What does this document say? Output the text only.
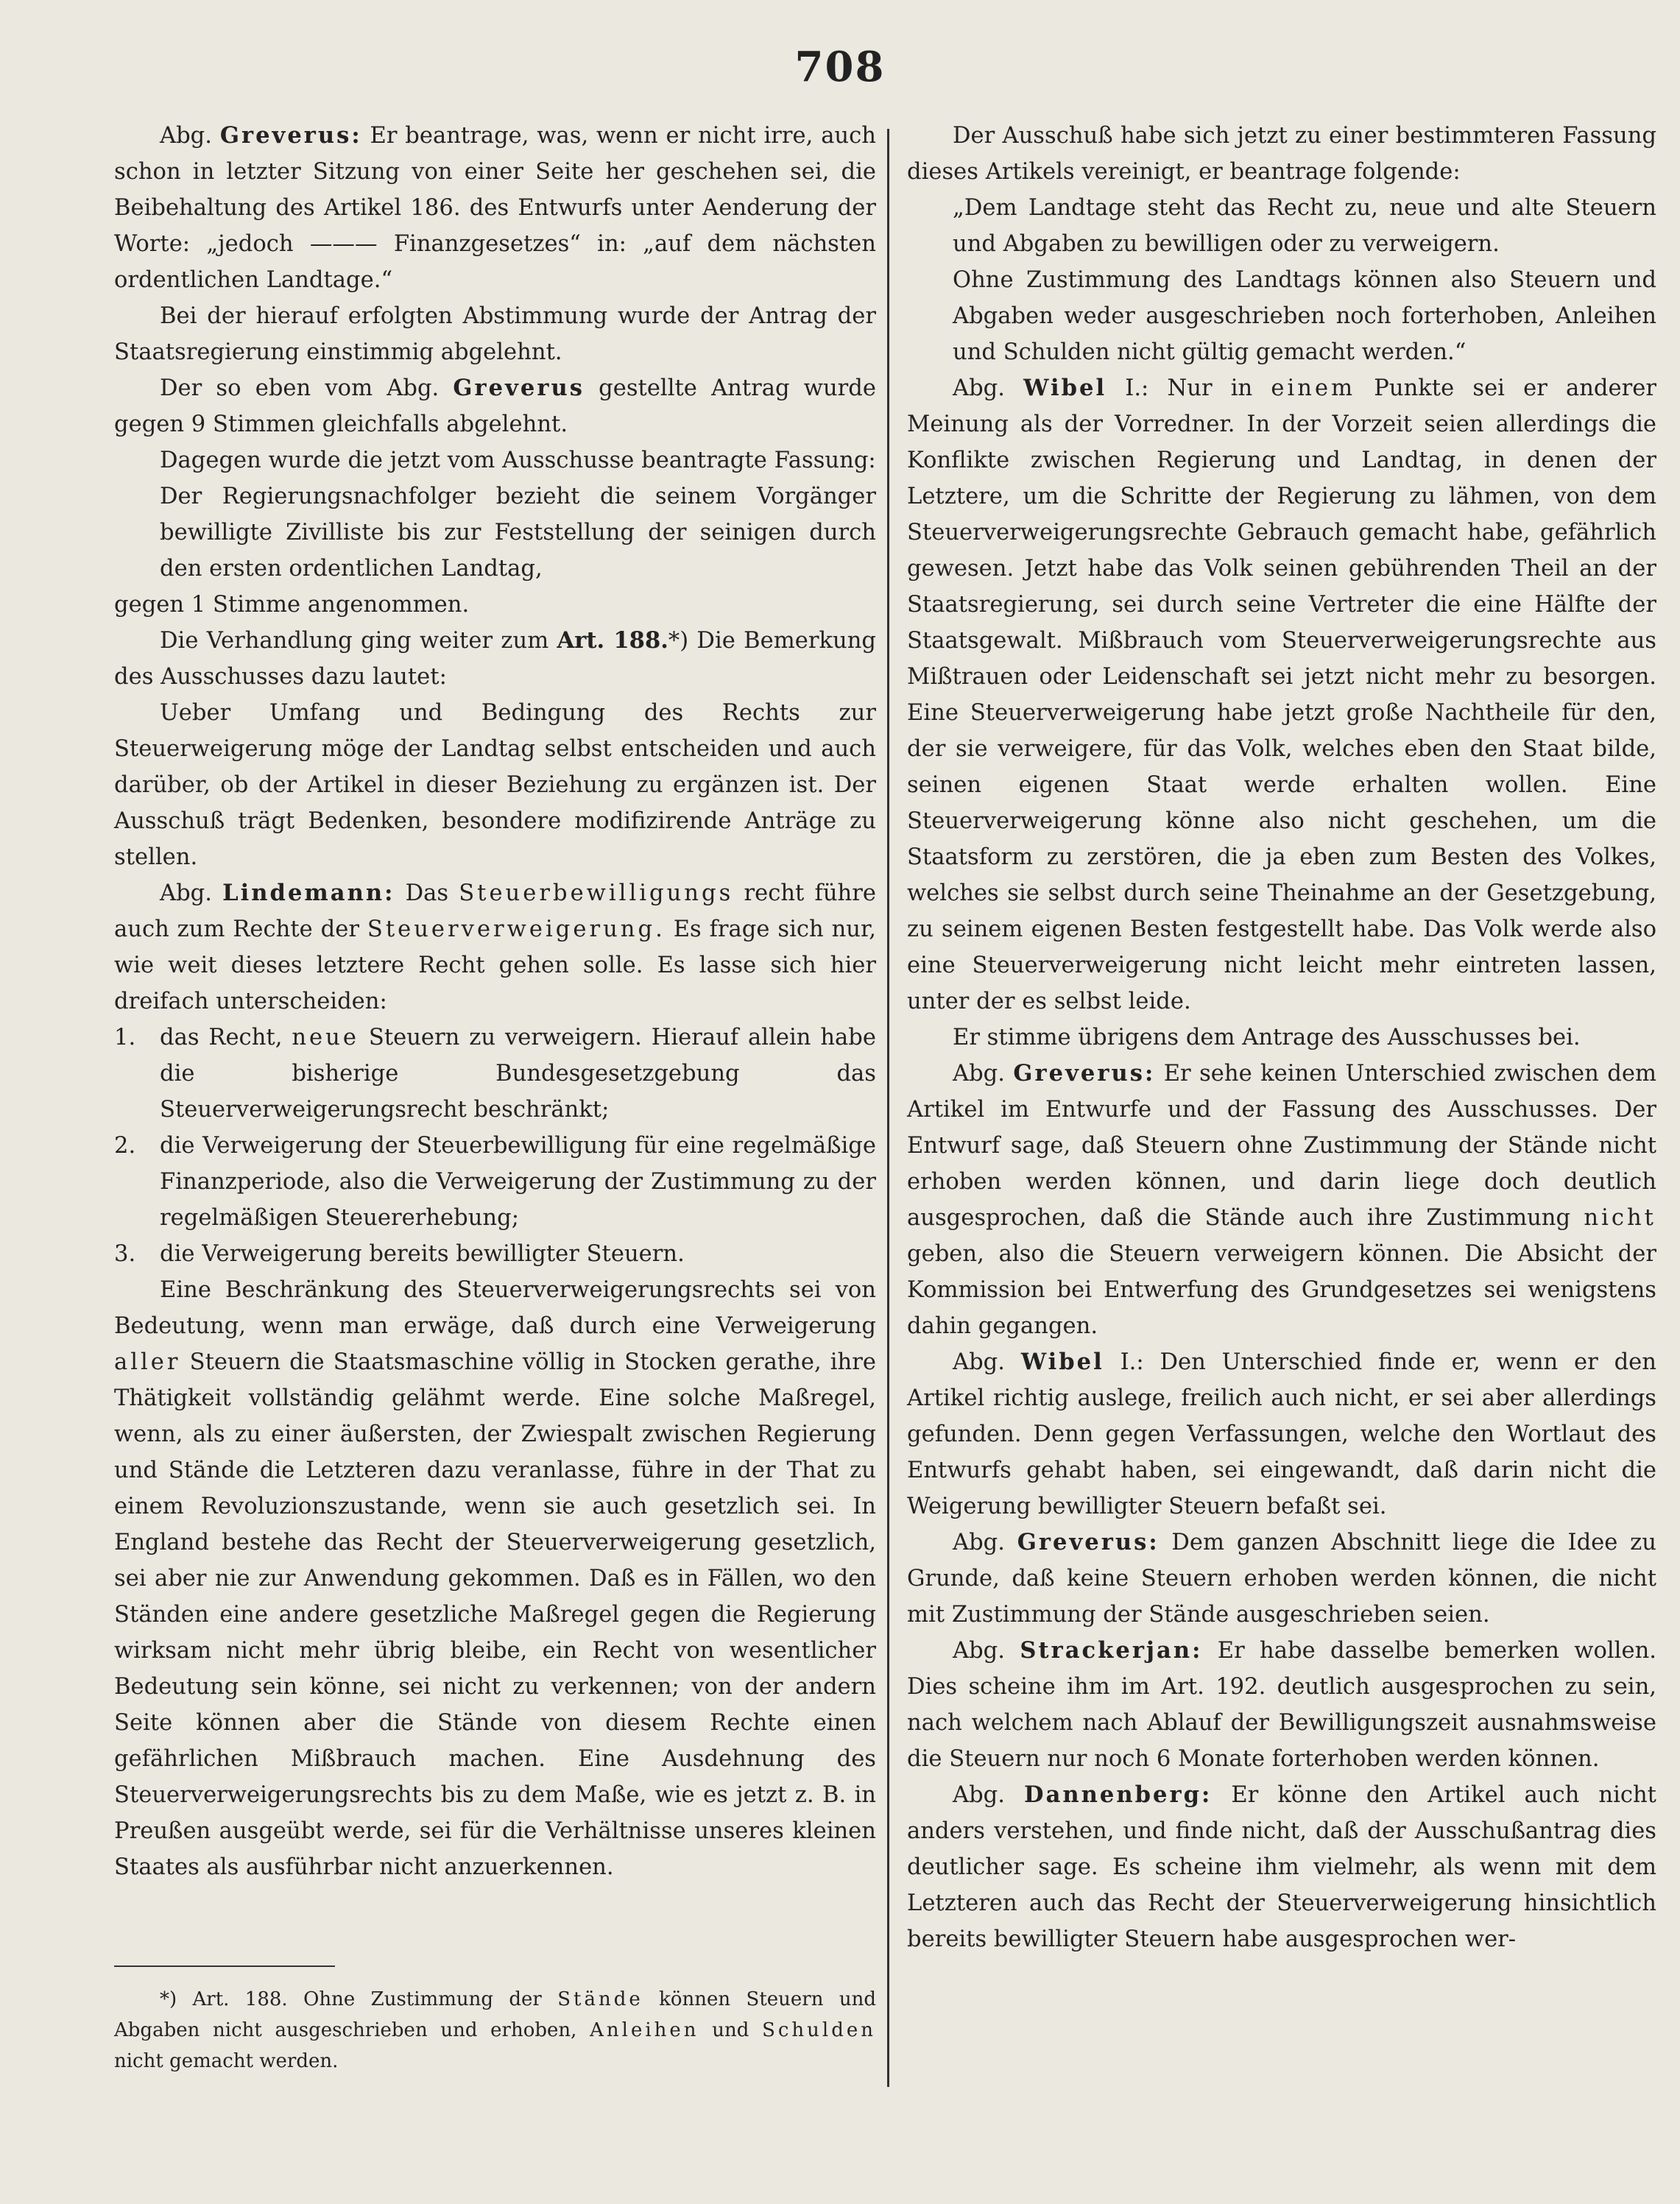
708

Abg. Greverus: Er beantrage, was, wenn er nicht irre, auch schon in letzter Sitzung von einer Seite her geschehen sei, die Beibehaltung des Artikel 186. des Entwurfs unter Aenderung der Worte: „jedoch ——— Finanzgesetzes“ in: „auf dem nächsten ordentlichen Landtage.“

Bei der hierauf erfolgten Abstimmung wurde der Antrag der Staatsregierung einstimmig abgelehnt.

Der so eben vom Abg. Greverus gestellte Antrag wurde gegen 9 Stimmen gleichfalls abgelehnt.

Dagegen wurde die jetzt vom Ausschusse beantragte Fassung:

Der Regierungsnachfolger bezieht die seinem Vorgänger bewilligte Zivilliste bis zur Feststellung der seinigen durch den ersten ordentlichen Landtag,

gegen 1 Stimme angenommen.

Die Verhandlung ging weiter zum Art. 188.*) Die Bemerkung des Ausschusses dazu lautet:

Ueber Umfang und Bedingung des Rechts zur Steuerweigerung möge der Landtag selbst entscheiden und auch darüber, ob der Artikel in dieser Beziehung zu ergänzen ist. Der Ausschuß trägt Bedenken, besondere modifizirende Anträge zu stellen.

Abg. Lindemann: Das Steuerbewilligungs recht führe auch zum Rechte der Steuerverweigerung. Es frage sich nur, wie weit dieses letztere Recht gehen solle. Es lasse sich hier dreifach unterscheiden:

1. das Recht, neue Steuern zu verweigern. Hierauf allein habe die bisherige Bundesgesetzgebung das Steuerverweigerungsrecht beschränkt;
2. die Verweigerung der Steuerbewilligung für eine regelmäßige Finanzperiode, also die Verweigerung der Zustimmung zu der regelmäßigen Steuererhebung;
3. die Verweigerung bereits bewilligter Steuern.

Eine Beschränkung des Steuerverweigerungsrechts sei von Bedeutung, wenn man erwäge, daß durch eine Verweigerung aller Steuern die Staatsmaschine völlig in Stocken gerathe, ihre Thätigkeit vollständig gelähmt werde. Eine solche Maßregel, wenn, als zu einer äußersten, der Zwiespalt zwischen Regierung und Stände die Letzteren dazu veranlasse, führe in der That zu einem Revoluzionszustande, wenn sie auch gesetzlich sei. In England bestehe das Recht der Steuerverweigerung gesetzlich, sei aber nie zur Anwendung gekommen. Daß es in Fällen, wo den Ständen eine andere gesetzliche Maßregel gegen die Regierung wirksam nicht mehr übrig bleibe, ein Recht von wesentlicher Bedeutung sein könne, sei nicht zu verkennen; von der andern Seite können aber die Stände von diesem Rechte einen gefährlichen Mißbrauch machen. Eine Ausdehnung des Steuerverweigerungsrechts bis zu dem Maße, wie es jetzt z. B. in Preußen ausgeübt werde, sei für die Verhältnisse unseres kleinen Staates als ausführbar nicht anzuerkennen.

*) Art. 188. Ohne Zustimmung der Stände können Steuern und Abgaben nicht ausgeschrieben und erhoben, Anleihen und Schulden nicht gemacht werden.

Der Ausschuß habe sich jetzt zu einer bestimmteren Fassung dieses Artikels vereinigt, er beantrage folgende:

„Dem Landtage steht das Recht zu, neue und alte Steuern und Abgaben zu bewilligen oder zu verweigern.

Ohne Zustimmung des Landtags können also Steuern und Abgaben weder ausgeschrieben noch forterhoben, Anleihen und Schulden nicht gültig gemacht werden.“

Abg. Wibel I.: Nur in einem Punkte sei er anderer Meinung als der Vorredner. In der Vorzeit seien allerdings die Konflikte zwischen Regierung und Landtag, in denen der Letztere, um die Schritte der Regierung zu lähmen, von dem Steuerverweigerungsrechte Gebrauch gemacht habe, gefährlich gewesen. Jetzt habe das Volk seinen gebührenden Theil an der Staatsregierung, sei durch seine Vertreter die eine Hälfte der Staatsgewalt. Mißbrauch vom Steuerverweigerungsrechte aus Mißtrauen oder Leidenschaft sei jetzt nicht mehr zu besorgen. Eine Steuerverweigerung habe jetzt große Nachtheile für den, der sie verweigere, für das Volk, welches eben den Staat bilde, seinen eigenen Staat werde erhalten wollen. Eine Steuerverweigerung könne also nicht geschehen, um die Staatsform zu zerstören, die ja eben zum Besten des Volkes, welches sie selbst durch seine Theinahme an der Gesetzgebung, zu seinem eigenen Besten festgestellt habe. Das Volk werde also eine Steuerverweigerung nicht leicht mehr eintreten lassen, unter der es selbst leide.

Er stimme übrigens dem Antrage des Ausschusses bei.

Abg. Greverus: Er sehe keinen Unterschied zwischen dem Artikel im Entwurfe und der Fassung des Ausschusses. Der Entwurf sage, daß Steuern ohne Zustimmung der Stände nicht erhoben werden können, und darin liege doch deutlich ausgesprochen, daß die Stände auch ihre Zustimmung nicht geben, also die Steuern verweigern können. Die Absicht der Kommission bei Entwerfung des Grundgesetzes sei wenigstens dahin gegangen.

Abg. Wibel I.: Den Unterschied finde er, wenn er den Artikel richtig auslege, freilich auch nicht, er sei aber allerdings gefunden. Denn gegen Verfassungen, welche den Wortlaut des Entwurfs gehabt haben, sei eingewandt, daß darin nicht die Weigerung bewilligter Steuern befaßt sei.

Abg. Greverus: Dem ganzen Abschnitt liege die Idee zu Grunde, daß keine Steuern erhoben werden können, die nicht mit Zustimmung der Stände ausgeschrieben seien.

Abg. Strackerjan: Er habe dasselbe bemerken wollen. Dies scheine ihm im Art. 192. deutlich ausgesprochen zu sein, nach welchem nach Ablauf der Bewilligungszeit ausnahmsweise die Steuern nur noch 6 Monate forterhoben werden können.

Abg. Dannenberg: Er könne den Artikel auch nicht anders verstehen, und finde nicht, daß der Ausschußantrag dies deutlicher sage. Es scheine ihm vielmehr, als wenn mit dem Letzteren auch das Recht der Steuerverweigerung hinsichtlich bereits bewilligter Steuern habe ausgesprochen wer-
